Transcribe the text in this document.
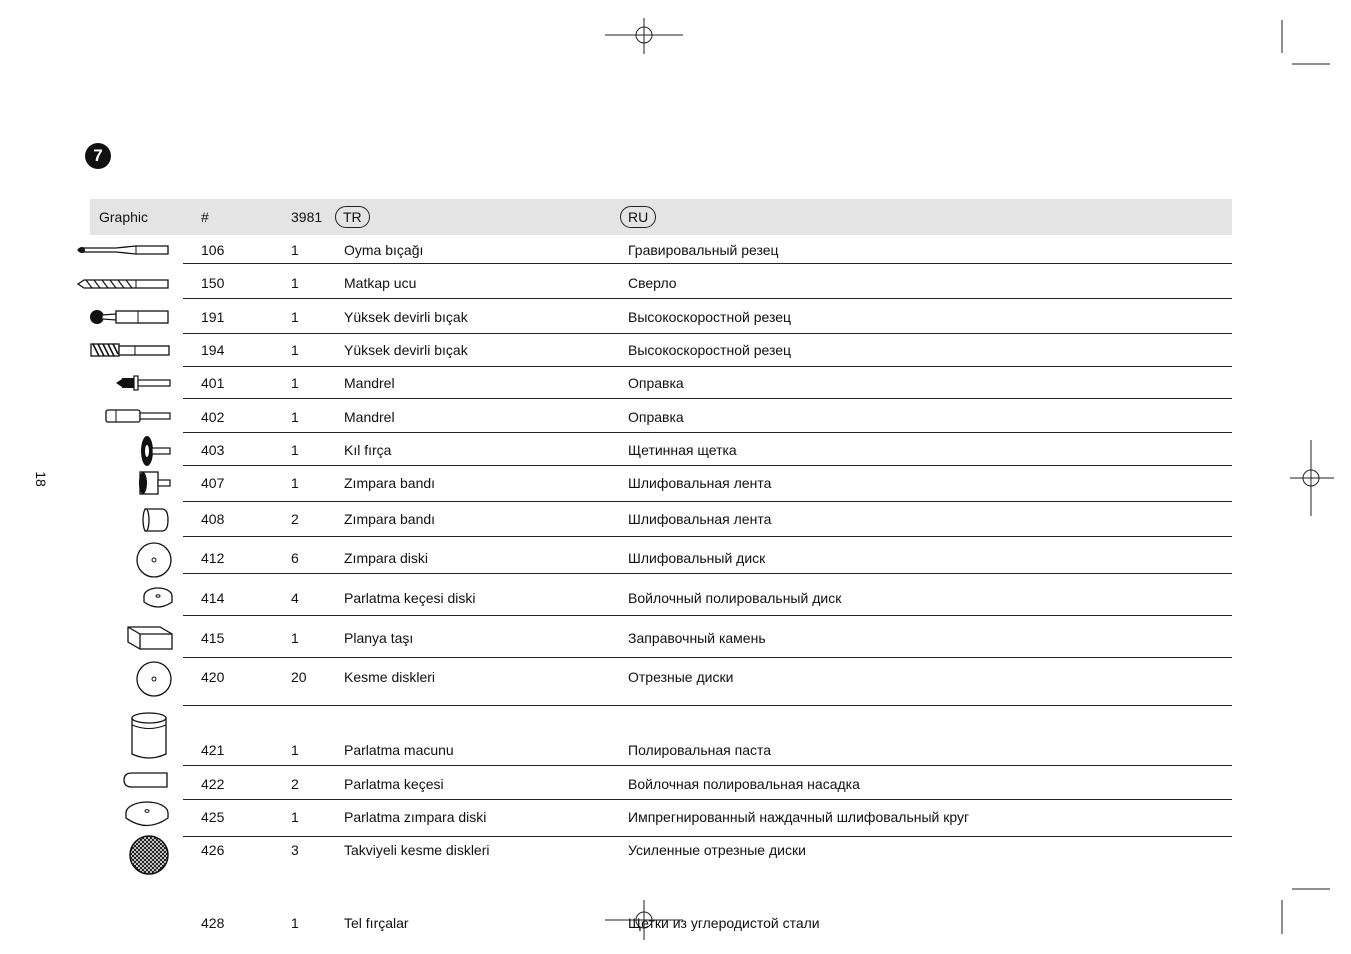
7
18
Graphic	#	3981	TR	RU
106	1	Oyma bıçağı	Гравировальный резец
150	1	Matkap ucu	Сверло
191	1	Yüksek devirli bıçak	Высокоскоростной резец
194	1	Yüksek devirli bıçak	Высокоскоростной резец
401	1	Mandrel	Оправка
402	1	Mandrel	Оправка
403	1	Kıl fırça	Щетинная щетка
407	1	Zımpara bandı	Шлифовальная лента
408	2	Zımpara bandı	Шлифовальная лента
412	6	Zımpara diski	Шлифовальный диск
414	4	Parlatma keçesi diski	Войлочный полировальный диск
415	1	Planya taşı	Заправочный камень
420	20	Kesme diskleri	Отрезные диски
421	1	Parlatma macunu	Полировальная паста
422	2	Parlatma keçesi	Войлочная полировальная насадка
425	1	Parlatma zımpara diski	Импрегнированный наждачный шлифовальный круг
426	3	Takviyeli kesme diskleri	Усиленные отрезные диски
428	1	Tel fırçalar	Щетки из углеродистой стали
